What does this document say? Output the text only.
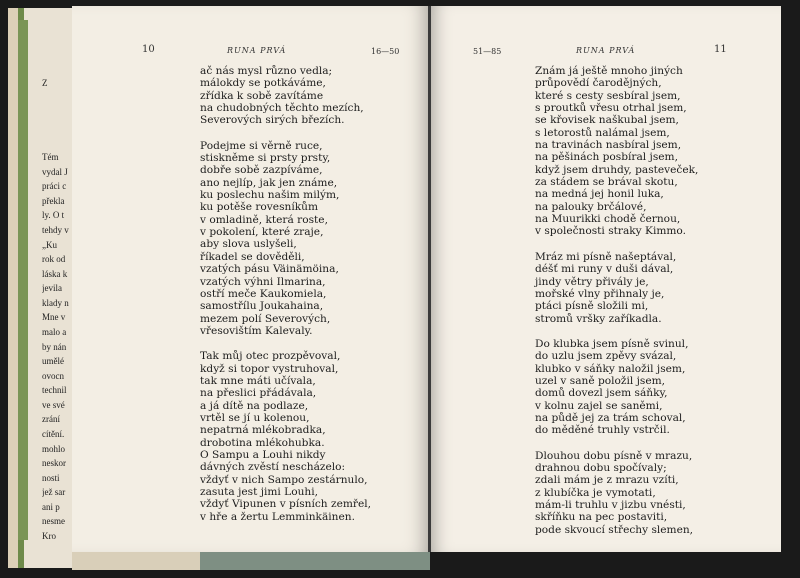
Z
Tém
vydal J
práci c
překla
ly. O t
tehdy v
„Ku
rok od
láska k
jevila
klady n
Mne v
malo a
by nán
umělé
ovocn
technil
ve své
zrání
cítění.
mohlo
neskor
nosti
jež sar
ani p
nesme
Kro
10	RUNA PRVÁ	16—50
ač nás mysl různo vedla;
málokdy se potkáváme,
zřídka k sobě zavítáme
na chudobných těchto mezích,
Severových sirých březích.
Podejme si věrně ruce,
stiskněme si prsty prsty,
dobře sobě zazpíváme,
ano nejlíp, jak jen známe,
ku poslechu našim milým,
ku potěše rovesníkům
v omladině, která roste,
v pokolení, které zraje,
aby slova uslyšeli,
říkadel se dověděli,
vzatých pásu Väinämöina,
vzatých výhni Ilmarina,
ostří meče Kaukomiela,
samostřílu Joukahaina,
mezem polí Severových,
vřesovištím Kalevaly.
Tak můj otec prozpěvoval,
když si topor vystruhoval,
tak mne máti učívala,
na přeslici přádávala,
a já dítě na podlaze,
vrtěl se jí u kolenou,
nepatrná mlékobradka,
drobotina mlékohubka.
O Sampu a Louhi nikdy
dávných zvěstí nescházelo:
vždyť v nich Sampo zestárnulo,
zasuta jest jimi Louhi,
vždyť Vipunen v písních zemřel,
v hře a žertu Lemminkäinen.
51—85	RUNA PRVÁ	11
Znám já ještě mnoho jiných
průpovědí čarodějných,
které s cesty sesbíral jsem,
s proutků vřesu otrhal jsem,
se křovisek naškubal jsem,
s letorostů nalámal jsem,
na travinách nasbíral jsem,
na pěšinách posbíral jsem,
když jsem druhdy, pasteveček,
za stádem se brával skotu,
na medná jej honil luka,
na palouky brčálové,
na Muurikki chodě černou,
v společnosti straky Kimmo.
Mráz mi písně našeptával,
déšť mi runy v duši dával,
jindy větry přivály je,
mořské vlny přihnaly je,
ptáci písně složili mi,
stromů vršky zaříkadla.
Do klubka jsem písně svinul,
do uzlu jsem zpěvy svázal,
klubko v sáňky naložil jsem,
uzel v saně položil jsem,
domů dovezl jsem sáňky,
v kolnu zajel se saněmi,
na půdě jej za trám schoval,
do měděné truhly vstrčil.
Dlouhou dobu písně v mrazu,
drahnou dobu spočívaly;
zdali mám je z mrazu vzíti,
z klubíčka je vymotati,
mám-li truhlu v jizbu vnésti,
skříňku na pec postaviti,
pode skvoucí střechy slemen,
